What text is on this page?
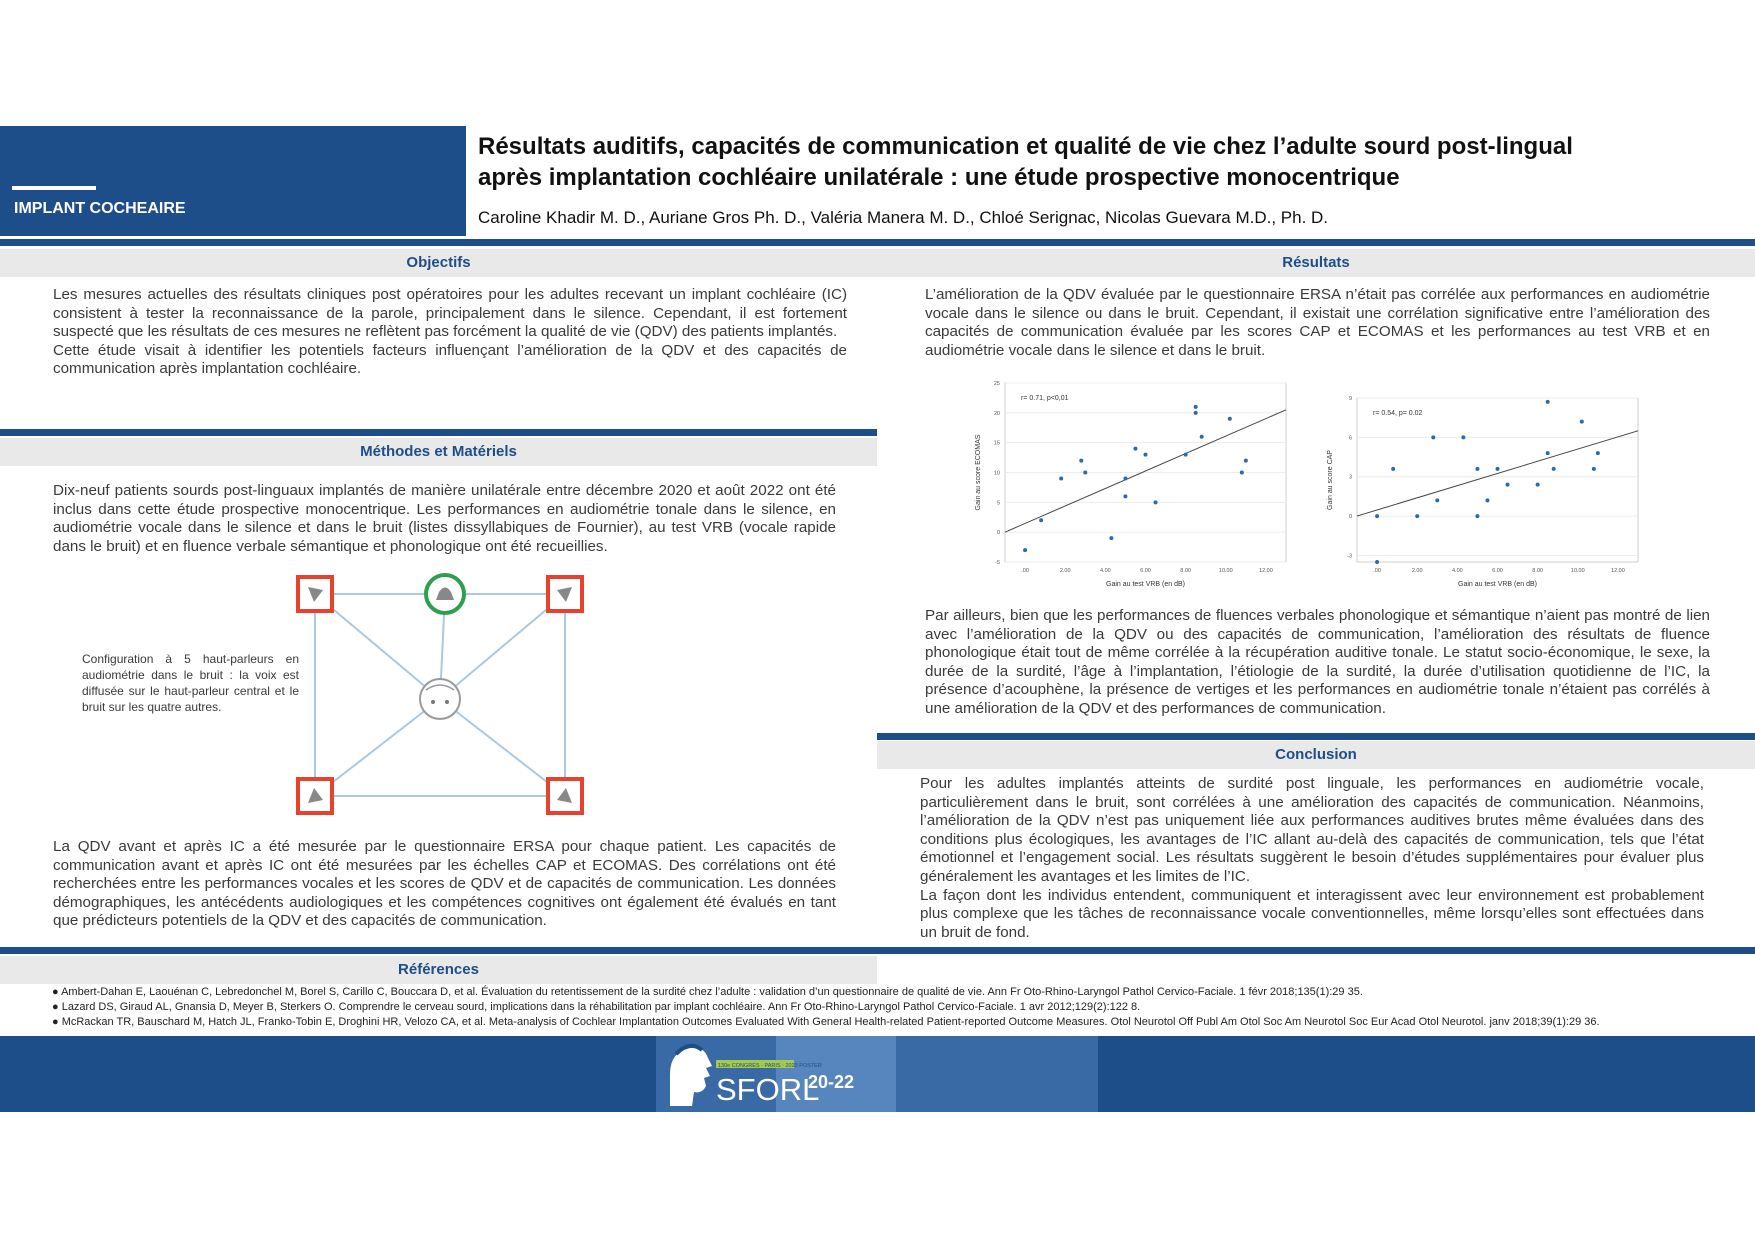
IMPLANT COCHEAIRE
Résultats auditifs, capacités de communication et qualité de vie chez l’adulte sourd post-lingual
après implantation cochléaire unilatérale : une étude prospective monocentrique
Caroline Khadir M. D., Auriane Gros Ph. D., Valéria Manera M. D., Chloé Serignac, Nicolas Guevara M.D., Ph. D.
Objectifs

Les mesures actuelles des résultats cliniques post opératoires pour les adultes recevant un implant cochléaire (IC) consistent à tester la reconnaissance de la parole, principalement dans le silence. Cependant, il est fortement suspecté que les résultats de ces mesures ne reflètent pas forcément la qualité de vie (QDV) des patients implantés.

Cette étude visait à identifier les potentiels facteurs influençant l’amélioration de la QDV et des capacités de communication après implantation cochléaire.

Méthodes et Matériels
Dix-neuf patients sourds post-linguaux implantés de manière unilatérale entre décembre 2020 et août 2022 ont été inclus dans cette étude prospective monocentrique. Les performances en audiométrie tonale dans le silence, en audiométrie vocale dans le silence et dans le bruit (listes dissyllabiques de Fournier), au test VRB (vocale rapide dans le bruit) et en fluence verbale sémantique et phonologique ont été recueillies.
Configuration à 5 haut-parleurs en audiométrie dans le bruit : la voix est diffusée sur le haut-parleur central et le bruit sur les quatre autres.
La QDV avant et après IC a été mesurée par le questionnaire ERSA pour chaque patient. Les capacités de communication avant et après IC ont été mesurées par les échelles CAP et ECOMAS. Des corrélations ont été recherchées entre les performances vocales et les scores de QDV et de capacités de communication. Les données démographiques, les antécédents audiologiques et les compétences cognitives ont également été évalués en tant que prédicteurs potentiels de la QDV et des capacités de communication.
Résultats
L’amélioration de la QDV évaluée par le questionnaire ERSA n’était pas corrélée aux performances en audiométrie vocale dans le silence ou dans le bruit. Cependant, il existait une corrélation significative entre l’amélioration des capacités de communication évaluée par les scores CAP et ECOMAS et les performances au test VRB et en audiométrie vocale dans le silence et dans le bruit.
-5
0
5
10
15
20
25
.00	2.00	4.00	6.00	8.00	10.00	12.00
r= 0.71, p<0,01
Gain au test VRB (en dB)
Gain au score ECOMAS
-3
0
3
6
9
.00	2.00	4.00	6.00	8.00	10.00	12.00
r= 0.54, p= 0.02
Gain au test VRB (en dB)
Gain au score CAP
Par ailleurs, bien que les performances de fluences verbales phonologique et sémantique n’aient pas montré de lien avec l’amélioration de la QDV ou des capacités de communication, l’amélioration des résultats de fluence phonologique était tout de même corrélée à la récupération auditive tonale. Le statut socio-économique, le sexe, la durée de la surdité, l’âge à l’implantation, l’étiologie de la surdité, la durée d’utilisation quotidienne de l’IC, la présence d’acouphène, la présence de vertiges et les performances en audiométrie tonale n’étaient pas corrélés à une amélioration de la QDV et des performances de communication.
Conclusion

Pour les adultes implantés atteints de surdité post linguale, les performances en audiométrie vocale, particulièrement dans le bruit, sont corrélées à une amélioration des capacités de communication. Néanmoins, l’amélioration de la QDV n’est pas uniquement liée aux performances auditives brutes même évaluées dans des conditions plus écologiques, les avantages de l’IC allant au-delà des capacités de communication, tels que l’état émotionnel et l’engagement social. Les résultats suggèrent le besoin d’études supplémentaires pour évaluer plus généralement les avantages et les limites de l’IC.

La façon dont les individus entendent, communiquent et interagissent avec leur environnement est probablement plus complexe que les tâches de reconnaissance vocale conventionnelles, même lorsqu’elles sont effectuées dans un bruit de fond.

Références
● Ambert-Dahan E, Laouénan C, Lebredonchel M, Borel S, Carillo C, Bouccara D, et al. Évaluation du retentissement de la surdité chez l’adulte : validation d’un questionnaire de qualité de vie. Ann Fr Oto-Rhino-Laryngol Pathol Cervico-Faciale. 1 févr 2018;135(1):29 35.
● Lazard DS, Giraud AL, Gnansia D, Meyer B, Sterkers O. Comprendre le cerveau sourd, implications dans la réhabilitation par implant cochléaire. Ann Fr Oto-Rhino-Laryngol Pathol Cervico-Faciale. 1 avr 2012;129(2):122 8.
● McRackan TR, Bauschard M, Hatch JL, Franko-Tobin E, Droghini HR, Velozo CA, et al. Meta-analysis of Cochlear Implantation Outcomes Evaluated With General Health-related Patient-reported Outcome Measures. Otol Neurotol Off Publ Am Otol Soc Am Neurotol Soc Eur Acad Otol Neurotol. janv 2018;39(1):29 36.
130e CONGRÈS · PARIS · 2023 POSTER
SFORL
20-22
